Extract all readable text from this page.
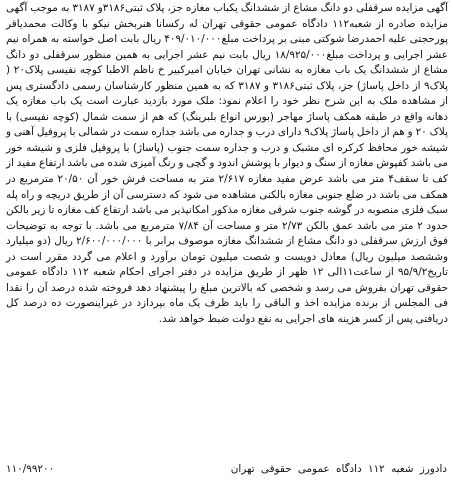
آگهی مزایده سرقفلی دو دانگ مشاع از ششدانگ یکباب مغازه جز، پلاک ثبتی۳۱۸۶و ۳۱۸۷ به موجب آگهی مزایده صادره از شعبه۱۱۲ دادگاه عمومی حقوقی تهران له رکسانا هنربخش نیکو با وکالت محمدیاقر پورحجتی علیه احمدرضا شوکتی مبنی بر پرداخت مبلغ۴۰۹/۰۱۰/۰۰۰ ریال بابت اصل خواسته به همراه نیم عشر اجرایی و پرداخت مبلغ۱۸/۹۲۵/۰۰۰ ریال بابت نیم عشر اجرایی به همین منظور سرقفلی دو دانگ مشاع از ششدانگ یک باب مغازه به نشانی تهران خیابان امیرکبیر خ ناظم الاطبا کوچه نفیسی پلاک۲۰ ( پلاک۹ از داخل پاساژ) جز، پلاک ثبتی۳۱۸۶ و ۳۱۸۷ که به همین منظور کارشناسان رسمی دادگستری پس از مشاهده ملک به این شرح نظر خود را اعلام نمود: ملک مورد بازدید عبارت است یک باب مغازه یک دهانه واقع در طبقه همکف پاساژ مهاجر (بورس انواع بلبرینگ) که هم از سمت شمال (کوچه نفیسی) با پلاک ۲۰ و هم از داخل پاساژ پلاک۹ دارای درب و جداره می باشد جداره سمت در شمالی با پروفیل آهنی و شیشه خور محافظ کرکره ای مشبک و درب و جداره سمت جنوب (پاساژ) با پروفیل فلزی و شیشه خور می باشد کفپوش مغازه از سنگ و دیوار با پوشش اندود و گچی و رنگ آمیزی شده می باشد ارتفاع مفید از کف تا سقف۴ متر می باشد عرض مفید مغازه ۲/۶۱۷ متر به مساحت فرش خور آن ۲۰/۵۰ مترمربع در همکف می باشد در ضلع جنوبی مغازه بالکنی مشاهده می شود که دسترسی آن از طریق دریچه و راه پله سبک فلزی منصوبه در گوشه جنوب شرقی مغازه مذکور امکانپذیر می باشد ارتفاع کف مغازه تا زیر بالکن حدود ۲ متر می باشد عمق بالکن ۲/۷۳ متر و مساحت آن ۷/۸۴ مترمربع می باشد. با توجه به توضیحات فوق ارزش سرقفلی دو دانگ مشاع از ششدانگ مغازه موصوف برابر با ۲/۶۰۰/۰۰۰/۰۰۰ ریال (دو میلیارد وششصد میلیون ریال) معادل دویست و شصت میلیون تومان برآورد و اعلام می گردد مقرر است در تاریخ۹۵/۹/۲ از ساعت۱۱الی ۱۲ ظهر از طریق مزایده در دفتر اجرای احکام شعبه ۱۱۲ دادگاه عمومی حقوقی تهران بفروش می رسد و شخصی که بالاترین مبلغ را پیشنهاد دهد فروخته شده درصد آن را نقدا فی المجلس از برنده مزایده اخذ و الباقی را باید ظرف یک ماه بپردازد در غیراینصورت ده درصد کل دریافتی پس از کسر هزینه های اجرایی به نفع دولت ضبط خواهد شد.

دادورز شعبه ۱۱۲ دادگاه عمومی حقوقی تهران
۱۱۰/۹۹۲۰۰
